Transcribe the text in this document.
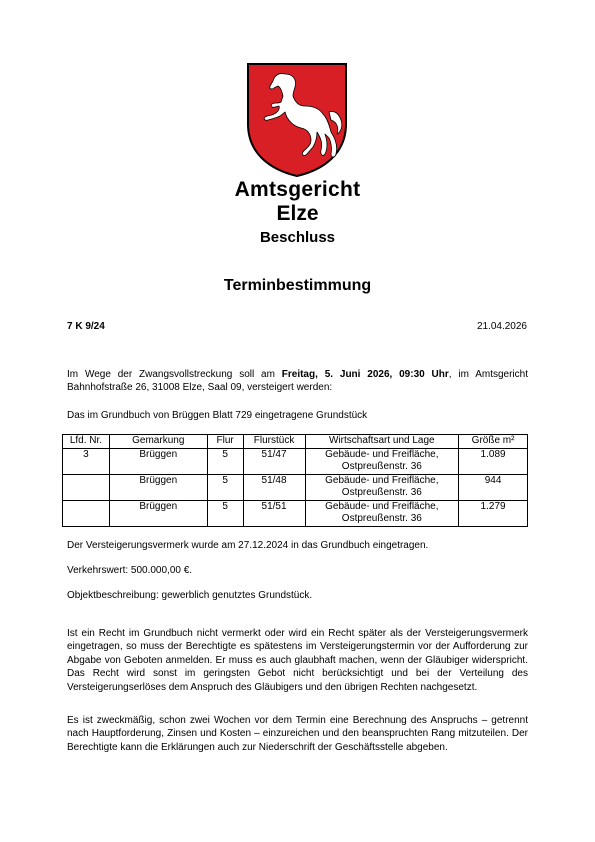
Amtsgericht
Elze
Beschluss
Terminbestimmung
7 K 9/24	21.04.2026
Im Wege der Zwangsvollstreckung soll am Freitag, 5. Juni 2026, 09:30 Uhr, im Amtsgericht Bahnhofstraße 26, 31008 Elze, Saal 09, versteigert werden:
Das im Grundbuch von Brüggen Blatt 729 eingetragene Grundstück
Lfd. Nr.	Gemarkung	Flur	Flurstück	Wirtschaftsart und Lage	Größe m²
3	Brüggen	5	51/47	Gebäude- und Freifläche, Ostpreußenstr. 36	1.089
	Brüggen	5	51/48	Gebäude- und Freifläche, Ostpreußenstr. 36	944
	Brüggen	5	51/51	Gebäude- und Freifläche, Ostpreußenstr. 36	1.279
Der Versteigerungsvermerk wurde am 27.12.2024 in das Grundbuch eingetragen.
Verkehrswert: 500.000,00 €.
Objektbeschreibung: gewerblich genutztes Grundstück.
Ist ein Recht im Grundbuch nicht vermerkt oder wird ein Recht später als der Versteigerungsvermerk eingetragen, so muss der Berechtigte es spätestens im Versteigerungstermin vor der Aufforderung zur Abgabe von Geboten anmelden. Er muss es auch glaubhaft machen, wenn der Gläubiger widerspricht. Das Recht wird sonst im geringsten Gebot nicht berücksichtigt und bei der Verteilung des Versteigerungserlöses dem Anspruch des Gläubigers und den übrigen Rechten nachgesetzt.
Es ist zweckmäßig, schon zwei Wochen vor dem Termin eine Berechnung des Anspruchs – getrennt nach Hauptforderung, Zinsen und Kosten – einzureichen und den beanspruchten Rang mitzuteilen. Der Berechtigte kann die Erklärungen auch zur Niederschrift der Geschäftsstelle abgeben.
